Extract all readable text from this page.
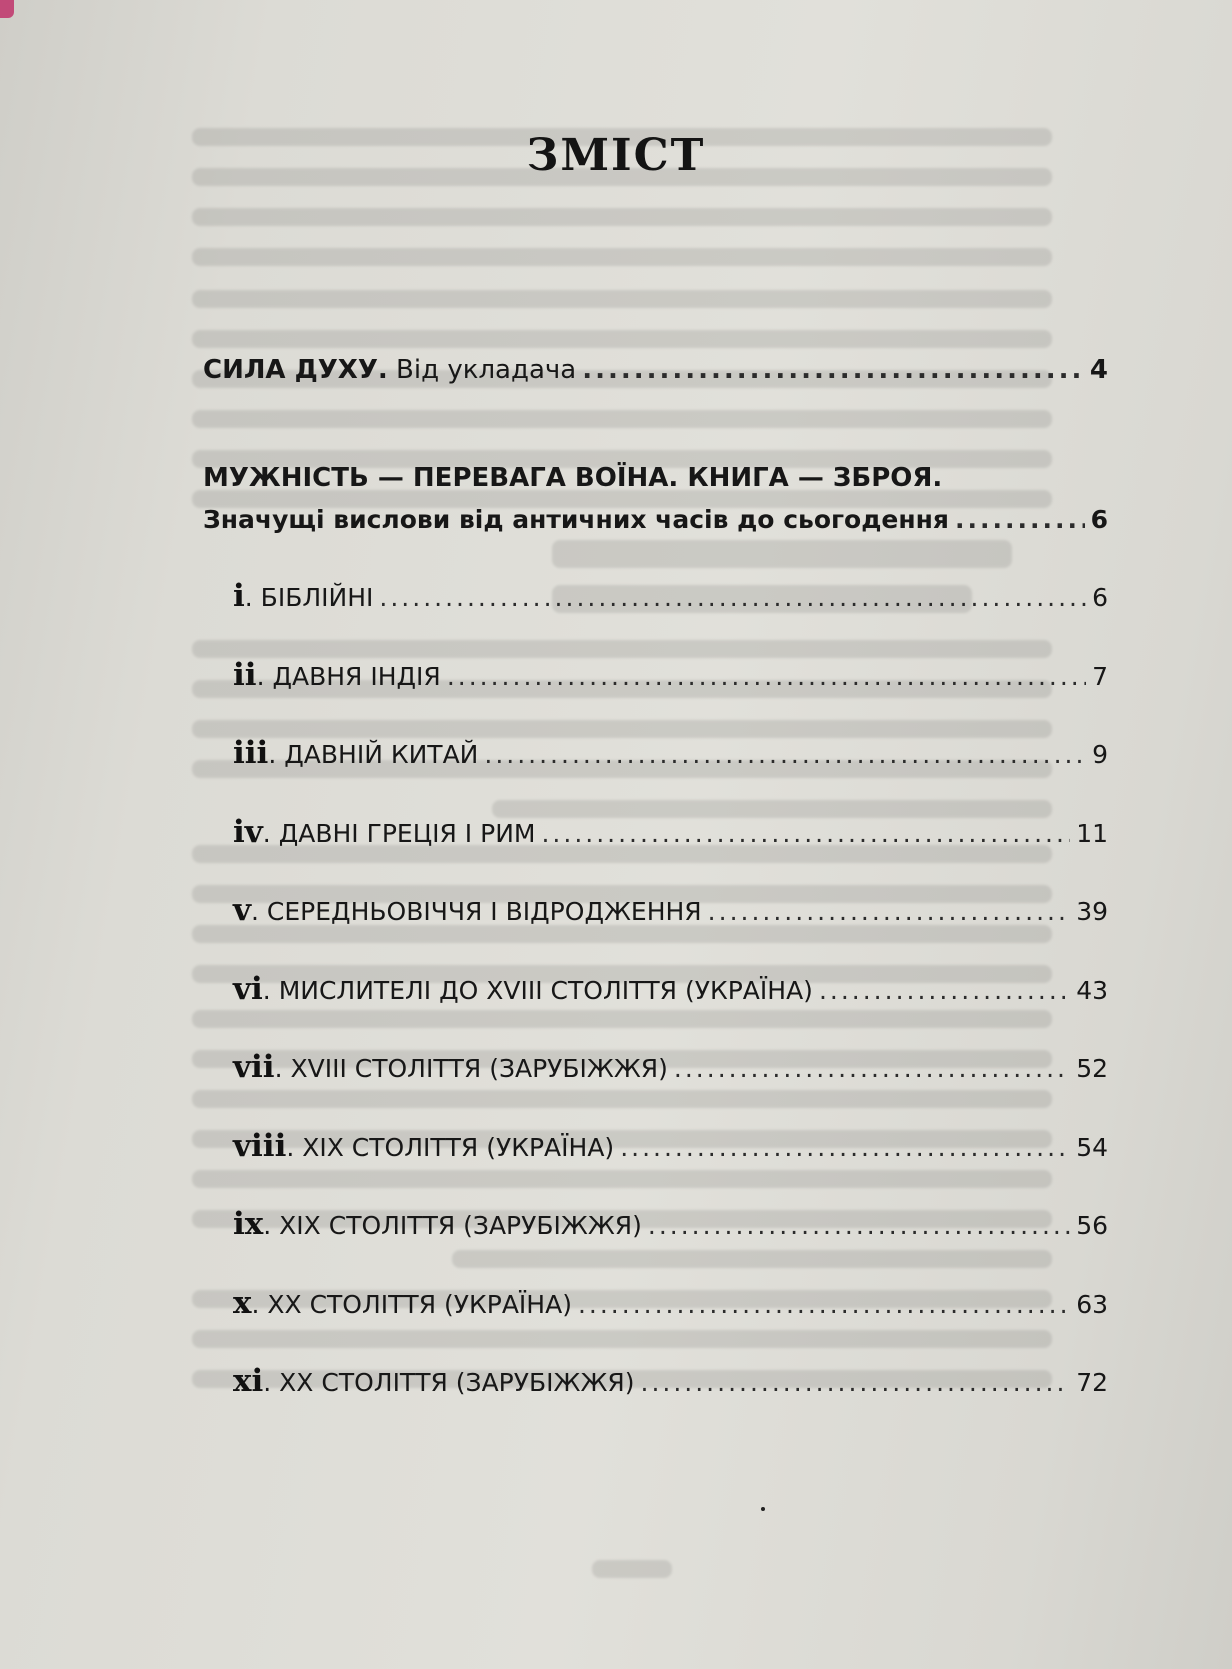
ЗМІСТ
СИЛА ДУХУ. Від укладача .....	4
МУЖНІСТЬ — ПЕРЕВАГА ВОЇНА. КНИГА — ЗБРОЯ.
Значущі вислови від античних часів до сьогодення .....	6
і. БІБЛІЙНІ .....	6
іі. ДАВНЯ ІНДІЯ .....	7
ііі. ДАВНІЙ КИТАЙ .....	9
іv. ДАВНІ ГРЕЦІЯ І РИМ .....	11
v. СЕРЕДНЬОВІЧЧЯ І ВІДРОДЖЕННЯ .....	39
vі. МИСЛИТЕЛІ ДО XVIII СТОЛІТТЯ (УКРАЇНА) .....	43
vіі. XVIII СТОЛІТТЯ (ЗАРУБІЖЖЯ) .....	52
vііі. XIX СТОЛІТТЯ (УКРАЇНА) .....	54
іх. XIX СТОЛІТТЯ (ЗАРУБІЖЖЯ) .....	56
х. XX СТОЛІТТЯ (УКРАЇНА) .....	63
хі. XX СТОЛІТТЯ (ЗАРУБІЖЖЯ) .....	72
